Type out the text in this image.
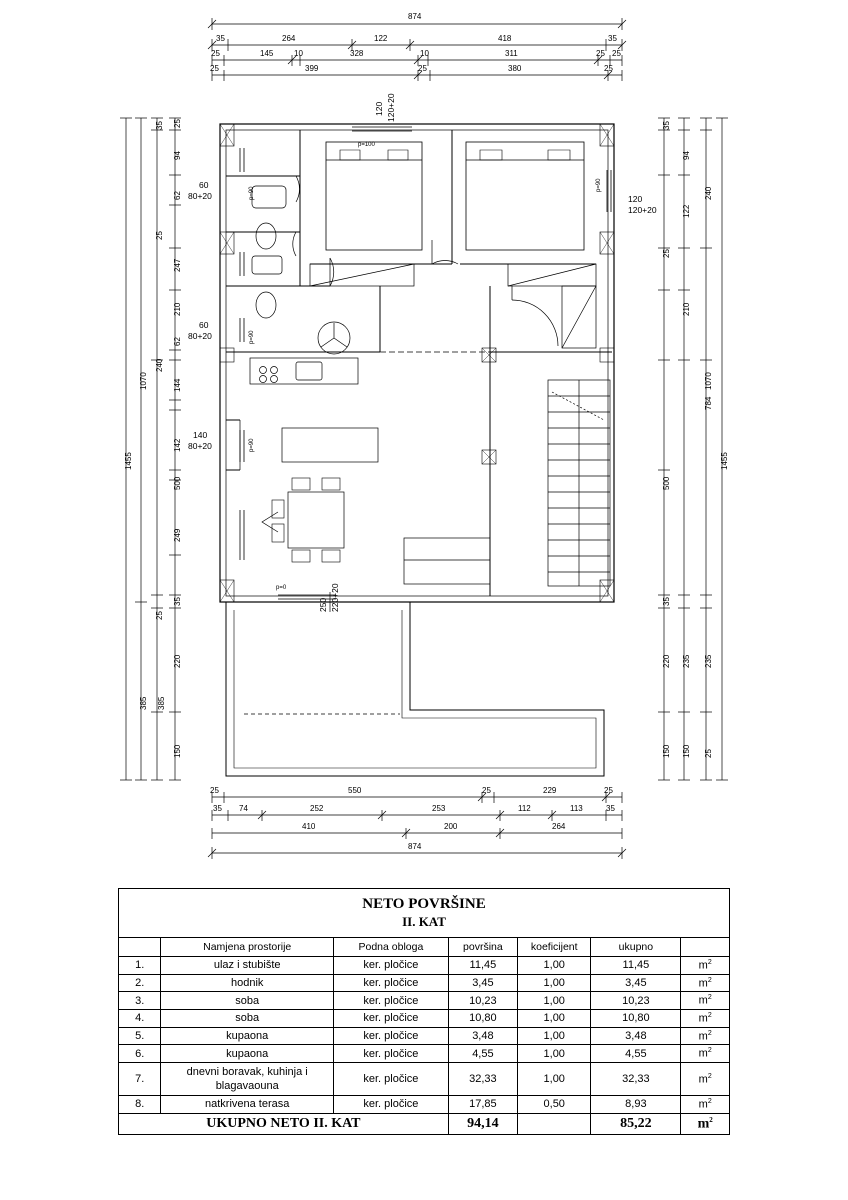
874
35	264	122	418	35
25	145	10	328	10	311	25 25
25	399	25	380	25
1455
1070
385
35
94
62
247
210
62
144
142
500
249
35
220
385
150
25
240
25
25
1455
1070
35
94
240
122
25
210
784
500
235
35
220 235
150 150 25
25	550	25	229	25
35 74	252	253	112	113	35
410	200	264
874
120 120+20
120
120+20
60
80+20
60
80+20
140
80+20
250 220+20
p=100
p=90
p=90
p=90
p=90
p=0
NETO POVRŠINE
II. KAT						

	Namjena prostorije	Podna obloga	površina	koeficijent	ukupno	
1.	ulaz i stubište	ker. pločice	11,45	1,00	11,45	$m^2$
2.	hodnik	ker. pločice	3,45	1,00	3,45	$m^2$
3.	soba	ker. pločice	10,23	1,00	10,23	$m^2$
4.	soba	ker. pločice	10,80	1,00	10,80	$m^2$
5.	kupaona	ker. pločice	3,48	1,00	3,48	$m^2$
6.	kupaona	ker. pločice	4,55	1,00	4,55	$m^2$
7.	dnevni boravak, kuhinja i blagavaouna	ker. pločice	32,33	1,00	32,33	$m^2$
8.	natkrivena terasa	ker. pločice	17,85	0,50	8,93	$m^2$
UKUPNO NETO II. KAT			94,14		85,22	$m^2$
